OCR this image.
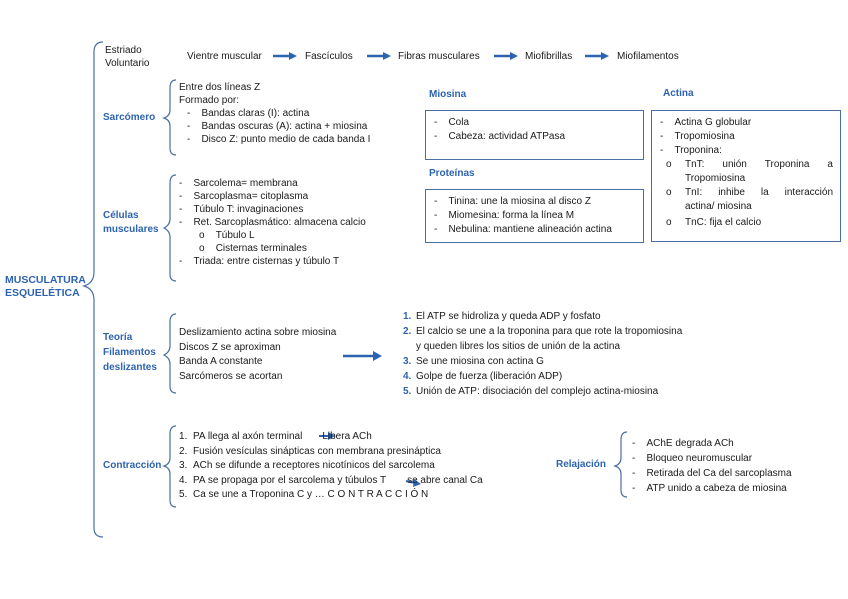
MUSCULATURA
ESQUELÉTICA
Estriado
Voluntario
Vientre muscular	Fascículos	Fibras musculares	Miofibrillas	Miofilamentos
Sarcómero
Entre dos líneas Z
Formado por:
-    Bandas claras (I): actina
-    Bandas oscuras (A): actina + miosina
-    Disco Z: punto medio de cada banda I
Células
musculares
-    Sarcolema= membrana
-    Sarcoplasma= citoplasma
-    Túbulo T: invaginaciones
-    Ret. Sarcoplasmático: almacena calcio
o    Túbulo L
o    Cisternas terminales
-    Triada: entre cisternas y túbulo T
Miosina
-    Cola
-    Cabeza: actividad ATPasa
Proteínas
-    Tinina: une la miosina al disco Z
-    Miomesina: forma la línea M
-    Nebulina: mantiene alineación actina
Actina
-    Actina G globular
-    Tropomiosina
-    Troponina:
o TnT: unión Troponina a
Tropomiosina
o TnI: inhibe la interacción
actina/ miosina
o TnC: fija el calcio
Teoría
Filamentos
deslizantes
Deslizamiento actina sobre miosina
Discos Z se aproximan
Banda A constante
Sarcómeros se acortan
1. El ATP se hidroliza y queda ADP y fosfato
2. El calcio se une a la troponina para que rote la tropomiosina
y queden libres los sitios de unión de la actina
3. Se une miosina con actina G
4. Golpe de fuerza (liberación ADP)
5. Unión de ATP: disociación del complejo actina-miosina
Contracción
1. PA llega al axón terminal Libera ACh
2. Fusión vesículas sinápticas con membrana presináptica
3. ACh se difunde a receptores nicotínicos del sarcolema
4. PA se propaga por el sarcolema y túbulos T se abre canal Ca
5. Ca se une a Troponina C y … C O N T R A C C I Ó N
Relajación
-    AChE degrada ACh
-    Bloqueo neuromuscular
-    Retirada del Ca del sarcoplasma
-    ATP unido a cabeza de miosina
